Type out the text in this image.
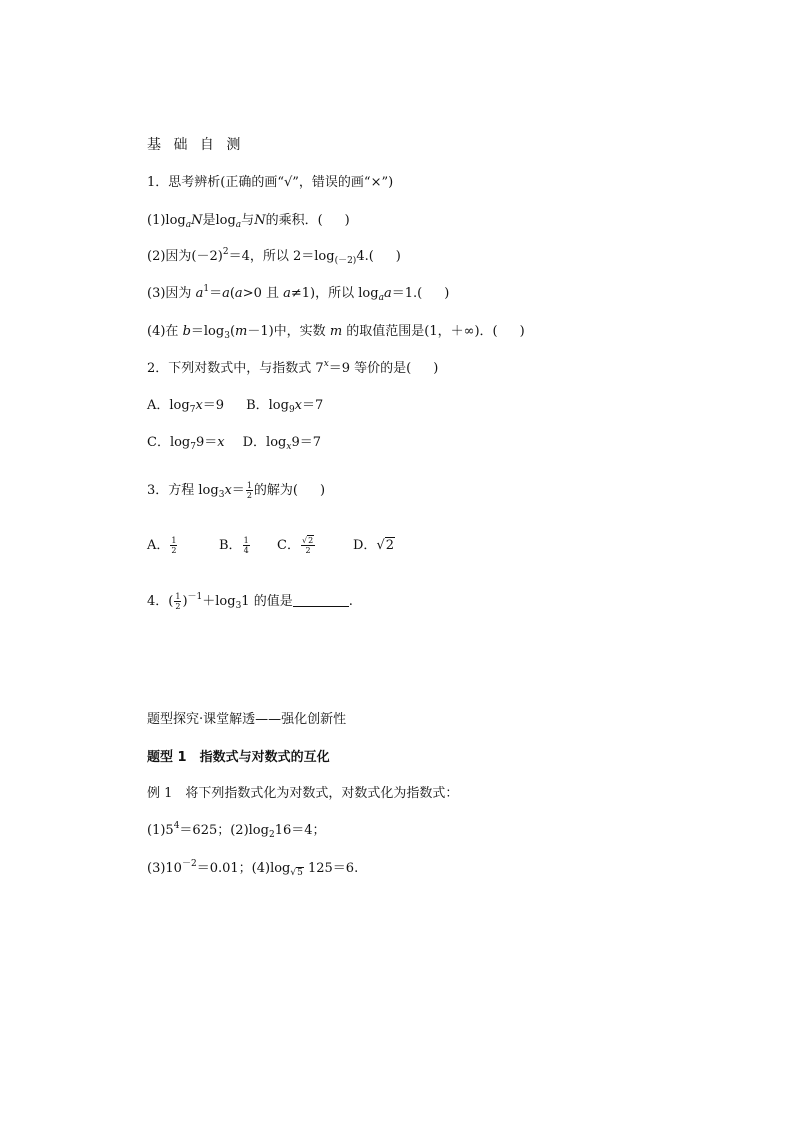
基 础 自 测
1．思考辨析(正确的画“√”，错误的画“×”)
$(1)\log_aN$是$\log_a$与N的乘积．( )
(2)因为$(-2)^2=4$，所以 $2=\log_{(-2)}4$.( )
(3)因为 $a^1=a(a>0$ 且 a≠1)，所以 $\log_aa=1$.( )
(4)在 $b=\log_3(m-1)$中，实数 m 的取值范围是(1，＋∞)．( )
2．下列对数式中，与指数式 $7^x=9$ 等价的是( )
A．$\log_7x=9$ B．$\log_9x=7$
C．$\log_79=x$ D．$\log_x9=7$
3．方程 $\log_3x= \frac{1}{2}$ 的解为( )
A． $\frac{1}{2}$	B． $\frac{1}{4}$ C． $\frac{√2}{2}$	D．√2
4．( $\frac{1}{2} )^{-1}+\log_31$ 的值是	.
题型探究·课堂解透——强化创新性
题型 1　指数式与对数式的互化
例 1　将下列指数式化为对数式，对数式化为指数式：
$(1)5^4=625$；$(2)\log_216=4$；
$(3)10^{-2}=0.01$；$(4)\log_{√5}$ 125＝6.
